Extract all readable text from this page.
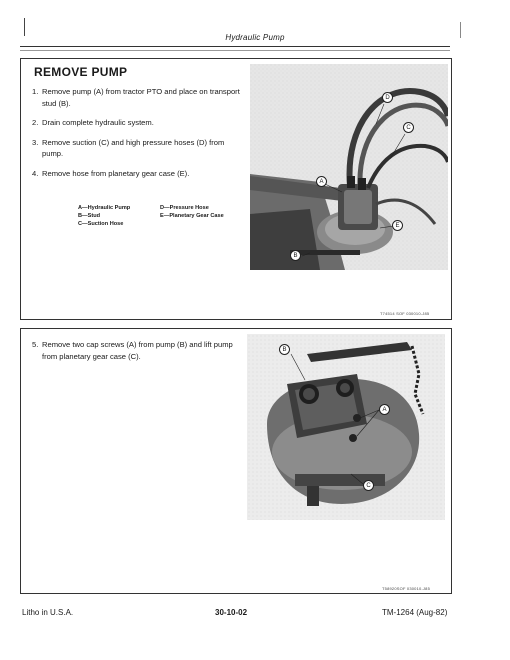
Hydraulic Pump
REMOVE PUMP
1. Remove pump (A) from tractor PTO and place on transport stud (B).
2. Drain complete hydraulic system.
3. Remove suction (C) and high pressure hoses (D) from pump.
4. Remove hose from planetary gear case (E).
A—Hydraulic Pump
B—Stud
C—Suction Hose
D—Pressure Hose
E—Planetary Gear Case
D
C
A
E
B
T74514 SOF 030010-J85
5. Remove two cap screws (A) from pump (B) and lift pump from planetary gear case (C).
B
A
C
T58920SOF 030010-J85
Litho in U.S.A.	30-10-02	TM-1264 (Aug-82)
